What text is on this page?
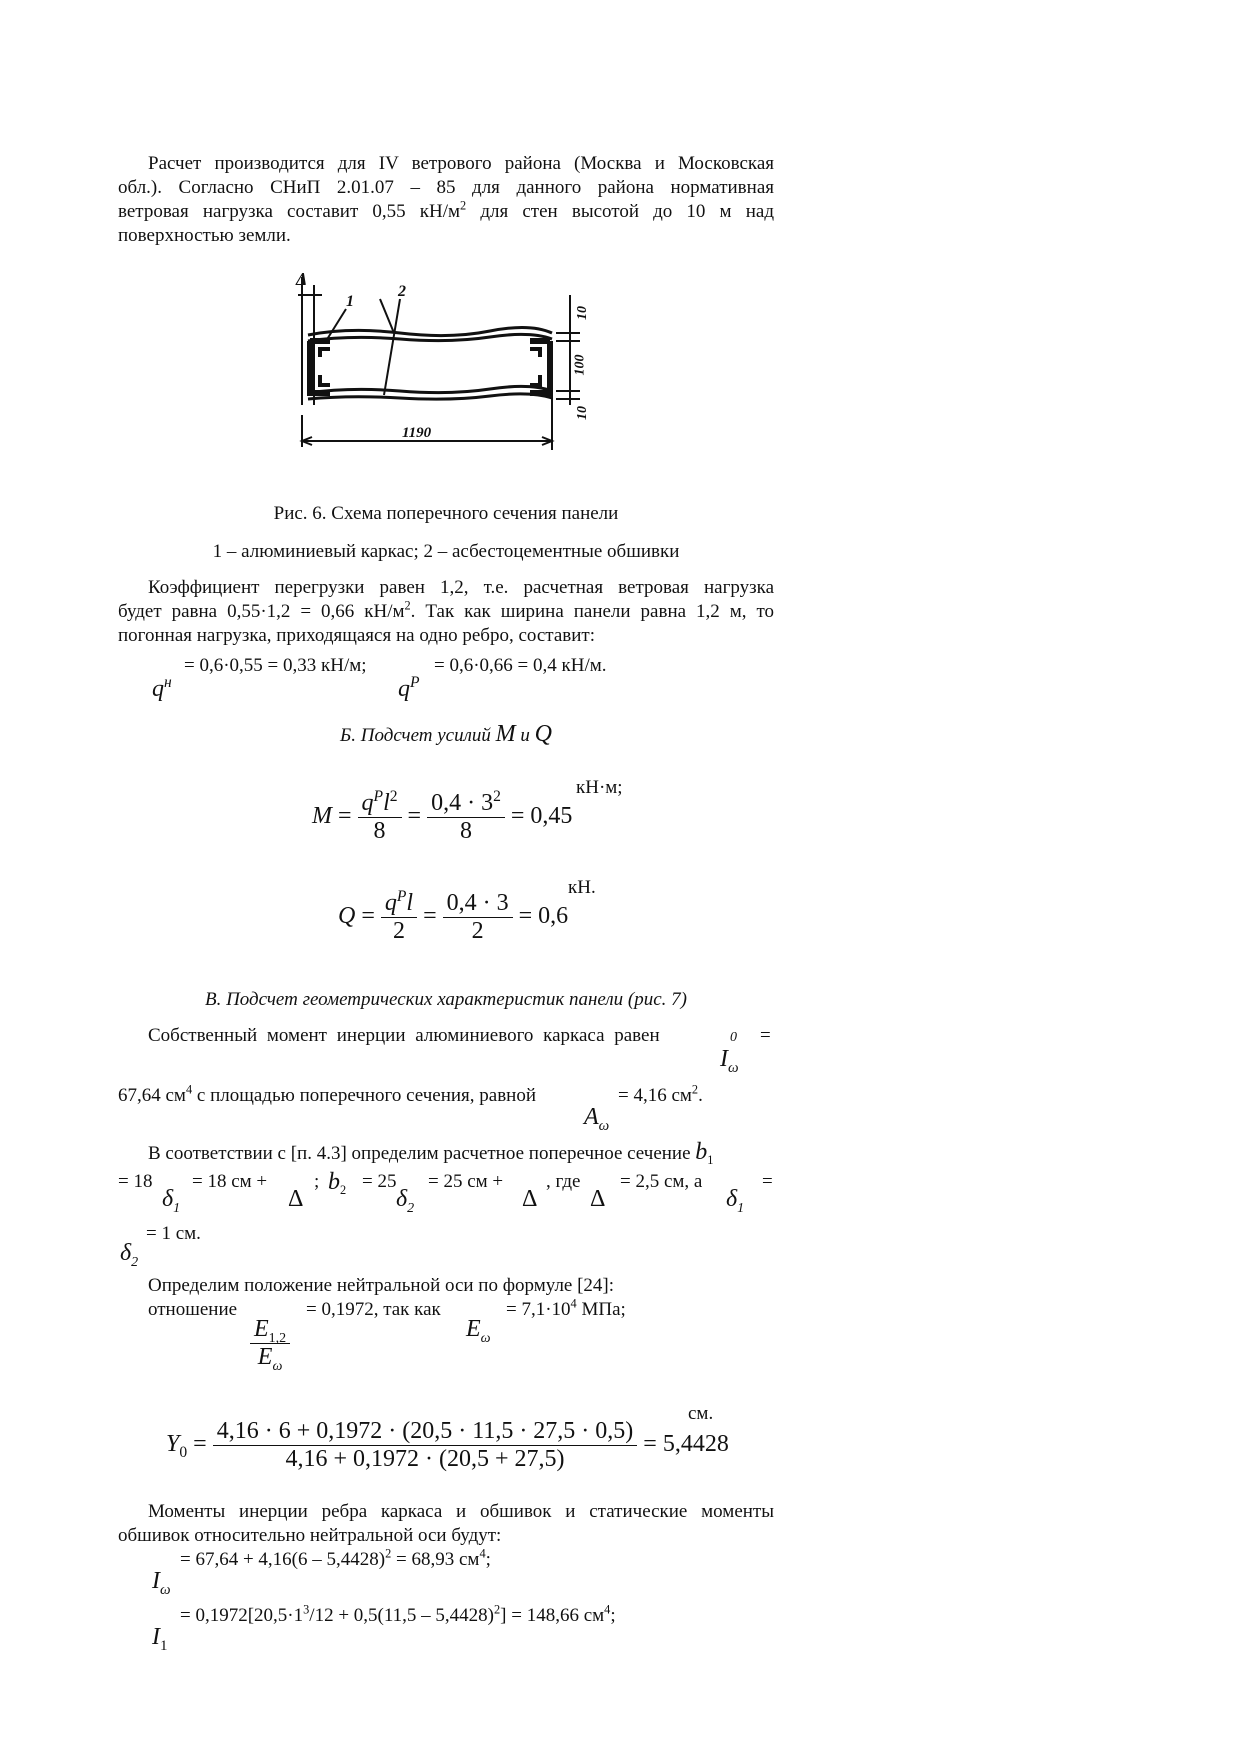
Расчет производится для IV ветрового района (Москва и Московская
обл.). Согласно СНиП 2.01.07 – 85 для данного района нормативная
ветровая нагрузка составит 0,55 $кН/м^2$ для стен высотой до 10 м над
поверхностью земли.
Δ
1
2
10
100
10
1190
Рис. 6. Схема поперечного сечения панели
1 – алюминиевый каркас; 2 – асбестоцементные обшивки
Коэффициент перегрузки равен 1,2, т.е. расчетная ветровая нагрузка
будет равна 0,55·1,2 = 0,66 $кН/м^2$. Так как ширина панели равна 1,2 м, то
погонная нагрузка, приходящаяся на одно ребро, составит:
= 0,6·0,55 = 0,33 кН/м;	= 0,6·0,66 = 0,4 кН/м.
$q^н$	$q^Р$
Б. Подсчет усилий M и Q
кН·м;
$M = \frac{q^Pl^2}{8} = \frac{0,4 \cdot 3^2}{8} = 0,45$
кН.
$Q = \frac{q^Pl}{2} = \frac{0,4 \cdot 3}{2} = 0,6$
В. Подсчет геометрических характеристик панели (рис. 7)
Собственный момент инерции алюминиевого каркаса равен	=
I
0
$_\omega$
67,64 $см^4$ с площадью поперечного сечения, равной	= 4,16 $см^2$.
$A_\omega$
В соответствии с [п. 4.3] определим расчетное поперечное сечение $b_1$
= 18 = 18 см + ; $b_2 = 25 = 25$ см + , где = 2,5 см, а	=
$\delta_1$	Δ	$\delta_2$	Δ Δ	$\delta_1$
= 1 см.
$\delta_2$
Определим положение нейтральной оси по формуле [24]:
отношение	= 0,1972, так как	= $7,1\cdot 10^4$ МПа;
$\frac{E_{1,2}}{E_\omega}$	$E_\omega$
см.
$Y_0 = \frac{4,16 \cdot 6 + 0,1972 \cdot (20,5 \cdot 11,5 \cdot 27,5 \cdot 0,5)}{4,16 + 0,1972 \cdot (20,5 + 27,5)} = 5,4428$
Моменты инерции ребра каркаса и обшивок и статические моменты
обшивок относительно нейтральной оси будут:
= 67,64 + 4,16(6 – 5,4428)$^2$ = 68,93 $см^4$;
$I_\omega$
= $0,1972[20,5\cdot 1^3/12 + 0,5(11,5 - 5,4428)^2] = 148,66$ $см^4$;
$I_1$
